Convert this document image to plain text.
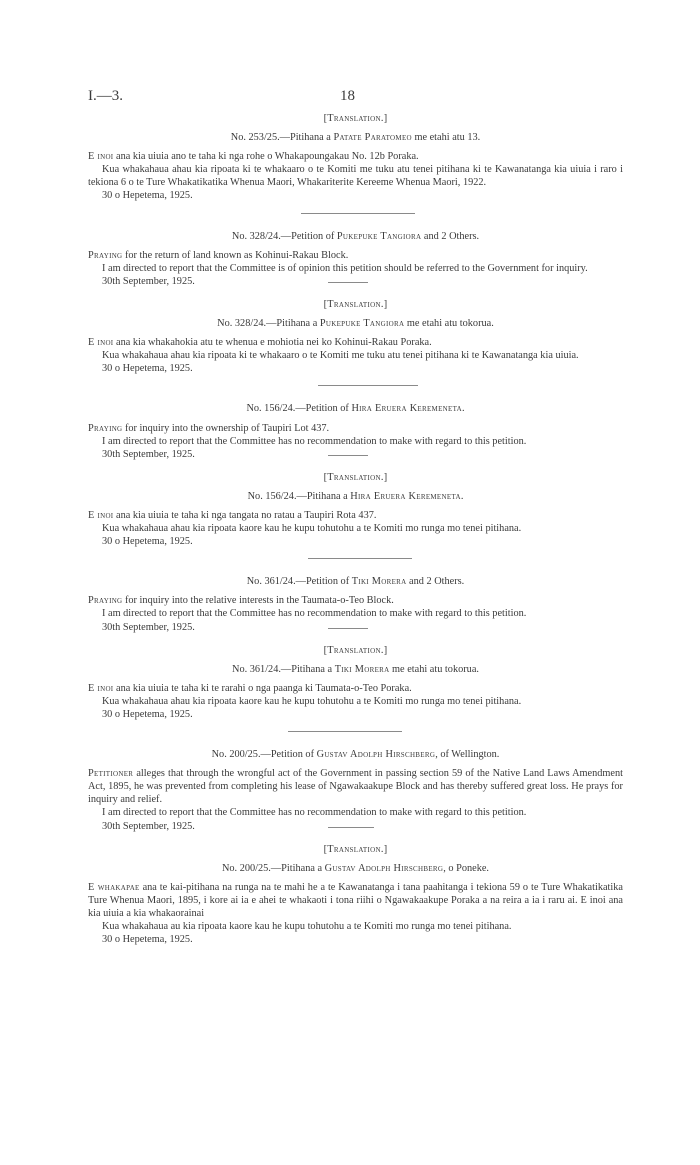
I.—3.	18

[Translation.]

No. 253/25.—Pitihana a Patate Paratomeo me etahi atu 13.

E inoi ana kia uiuia ano te taha ki nga rohe o Whakapoungakau No. 12b Poraka.

Kua whakahaua ahau kia ripoata ki te whakaaro o te Komiti me tuku atu tenei pitihana ki te Kawanatanga kia uiuia i raro i tekiona 6 o te Ture Whakatikatika Whenua Maori, Whakariterite Kereeme Whenua Maori, 1922.

30 o Hepetema, 1925.

No. 328/24.—Petition of Pukepuke Tangiora and 2 Others.

Praying for the return of land known as Kohinui-Rakau Block.

I am directed to report that the Committee is of opinion this petition should be referred to the Government for inquiry.

30th September, 1925.

[Translation.]

No. 328/24.—Pitihana a Pukepuke Tangiora me etahi atu tokorua.

E inoi ana kia whakahokia atu te whenua e mohiotia nei ko Kohinui-Rakau Poraka.

Kua whakahaua ahau kia ripoata ki te whakaaro o te Komiti me tuku atu tenei pitihana ki te Kawanatanga kia uiuia.

30 o Hepetema, 1925.

No. 156/24.—Petition of Hira Eruera Keremeneta.

Praying for inquiry into the ownership of Taupiri Lot 437.

I am directed to report that the Committee has no recommendation to make with regard to this petition.

30th September, 1925.

[Translation.]

No. 156/24.—Pitihana a Hira Eruera Keremeneta.

E inoi ana kia uiuia te taha ki nga tangata no ratau a Taupiri Rota 437.

Kua whakahaua ahau kia ripoata kaore kau he kupu tohutohu a te Komiti mo runga mo tenei pitihana.

30 o Hepetema, 1925.

No. 361/24.—Petition of Tiki Morera and 2 Others.

Praying for inquiry into the relative interests in the Taumata-o-Teo Block.

I am directed to report that the Committee has no recommendation to make with regard to this petition.

30th September, 1925.

[Translation.]

No. 361/24.—Pitihana a Tiki Morera me etahi atu tokorua.

E inoi ana kia uiuia te taha ki te rarahi o nga paanga ki Taumata-o-Teo Poraka.

Kua whakahaua ahau kia ripoata kaore kau he kupu tohutohu a te Komiti mo runga mo tenei pitihana.

30 o Hepetema, 1925.

No. 200/25.—Petition of Gustav Adolph Hirschberg, of Wellington.

Petitioner alleges that through the wrongful act of the Government in passing section 59 of the Native Land Laws Amendment Act, 1895, he was prevented from completing his lease of Ngawakaakupe Block and has thereby suffered great loss. He prays for inquiry and relief.

I am directed to report that the Committee has no recommendation to make with regard to this petition.

30th September, 1925.

[Translation.]

No. 200/25.—Pitihana a Gustav Adolph Hirschberg, o Poneke.

E whakapae ana te kai-pitihana na runga na te mahi he a te Kawanatanga i tana paahitanga i tekiona 59 o te Ture Whakatikatika Ture Whenua Maori, 1895, i kore ai ia e ahei te whakaoti i tona riihi o Ngawakaakupe Poraka a na reira a ia i raru ai. E inoi ana kia uiuia a kia whakaorainai

Kua whakahaua au kia ripoata kaore kau he kupu tohutohu a te Komiti mo runga mo tenei pitihana.

30 o Hepetema, 1925.
